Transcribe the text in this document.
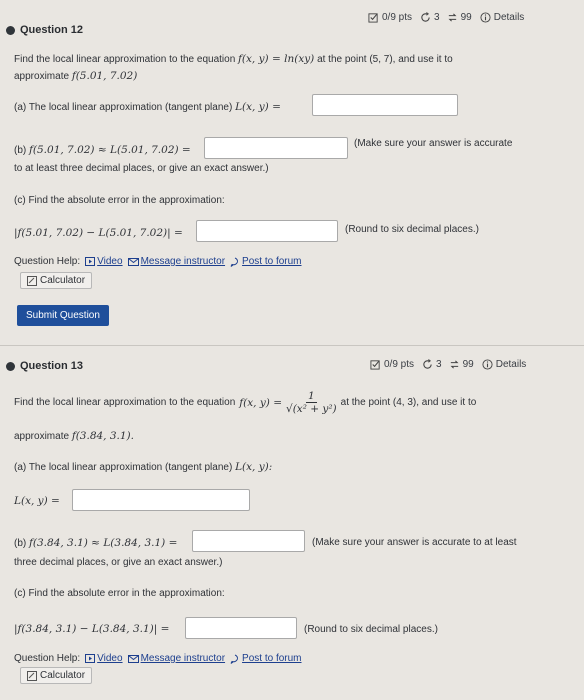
Question 12
0/9 pts 3 99 Details
Find the local linear approximation to the equation f(x, y) = ln(xy) at the point (5, 7), and use it to
approximate f(5.01, 7.02)
(a) The local linear approximation (tangent plane) L(x, y) =
(b) f(5.01, 7.02) ≈ L(5.01, 7.02) =
(Make sure your answer is accurate
to at least three decimal places, or give an exact answer.)
(c) Find the absolute error in the approximation:
|f(5.01, 7.02) − L(5.01, 7.02)| =	(Round to six decimal places.)
Question Help: Video Message instructor Post to forum
Calculator
Submit Question
Question 13	0/9 pts 3 99 Details
Find the local linear approximation to the equation f(x, $y) = \frac{1}{\text{√(x² + y²)}}$ at the point (4, 3), and use it to
approximate f(3.84, 3.1).
(a) The local linear approximation (tangent plane) L(x, y):
L(x, y) =
(b) f(3.84, 3.1) ≈ L(3.84, 3.1) =	(Make sure your answer is accurate to at least
three decimal places, or give an exact answer.)
(c) Find the absolute error in the approximation:
|f(3.84, 3.1) − L(3.84, 3.1)| =	(Round to six decimal places.)
Question Help: Video Message instructor Post to forum
Calculator
